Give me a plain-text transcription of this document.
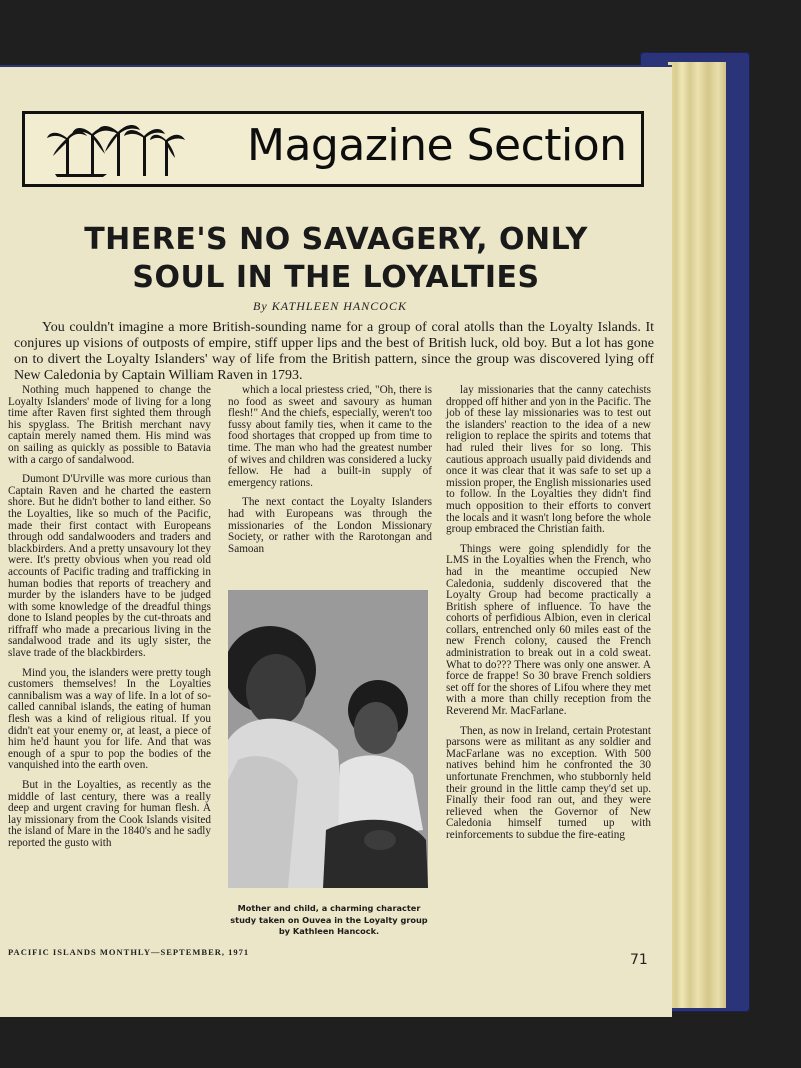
Magazine Section
THERE'S NO SAVAGERY, ONLY
SOUL IN THE LOYALTIES
By KATHLEEN HANCOCK
You couldn't imagine a more British-sounding name for a group of coral atolls than the Loyalty Islands. It conjures up visions of outposts of empire, stiff upper lips and the best of British luck, old boy. But a lot has gone on to divert the Loyalty Islanders' way of life from the British pattern, since the group was discovered lying off New Caledonia by Captain William Raven in 1793.

Nothing much happened to change the Loyalty Islanders' mode of living for a long time after Raven first sighted them through his spyglass. The British merchant navy captain merely named them. His mind was on sailing as quickly as possible to Batavia with a cargo of sandalwood.

Dumont D'Urville was more curious than Captain Raven and he charted the eastern shore. But he didn't bother to land either. So the Loyalties, like so much of the Pacific, made their first contact with Europeans through odd sandalwooders and traders and blackbirders. And a pretty unsavoury lot they were. It's pretty obvious when you read old accounts of Pacific trading and trafficking in human bodies that reports of treachery and murder by the islanders have to be judged with some knowledge of the dreadful things done to Island peoples by the cut-throats and riffraff who made a precarious living in the sandalwood trade and its ugly sister, the slave trade of the blackbirders.

Mind you, the islanders were pretty tough customers themselves! In the Loyalties cannibalism was a way of life. In a lot of so-called cannibal islands, the eating of human flesh was a kind of religious ritual. If you didn't eat your enemy or, at least, a piece of him he'd haunt you for life. And that was enough of a spur to pop the bodies of the vanquished into the earth oven.

But in the Loyalties, as recently as the middle of last century, there was a really deep and urgent craving for human flesh. A lay missionary from the Cook Islands visited the island of Mare in the 1840's and he sadly reported the gusto with

which a local priestess cried, "Oh, there is no food as sweet and savoury as human flesh!" And the chiefs, especially, weren't too fussy about family ties, when it came to the food shortages that cropped up from time to time. The man who had the greatest number of wives and children was considered a lucky fellow. He had a built-in supply of emergency rations.

The next contact the Loyalty Islanders had with Europeans was through the missionaries of the London Missionary Society, or rather with the Rarotongan and Samoan

Mother and child, a charming character study taken on Ouvea in the Loyalty group by Kathleen Hancock.

lay missionaries that the canny catechists dropped off hither and yon in the Pacific. The job of these lay missionaries was to test out the islanders' reaction to the idea of a new religion to replace the spirits and totems that had ruled their lives for so long. This cautious approach usually paid dividends and once it was clear that it was safe to set up a mission proper, the English missionaries used to follow. In the Loyalties they didn't find much opposition to their efforts to convert the locals and it wasn't long before the whole group embraced the Christian faith.

Things were going splendidly for the LMS in the Loyalties when the French, who had in the meantime occupied New Caledonia, suddenly discovered that the Loyalty Group had become practically a British sphere of influence. To have the cohorts of perfidious Albion, even in clerical collars, entrenched only 60 miles east of the new French colony, caused the French administration to break out in a cold sweat. What to do??? There was only one answer. A force de frappe! So 30 brave French soldiers set off for the shores of Lifou where they met with a more than chilly reception from the Reverend Mr. MacFarlane.

Then, as now in Ireland, certain Protestant parsons were as militant as any soldier and MacFarlane was no exception. With 500 natives behind him he confronted the 30 unfortunate Frenchmen, who stubbornly held their ground in the little camp they'd set up. Finally their food ran out, and they were relieved when the Governor of New Caledonia himself turned up with reinforcements to subdue the fire-eating

PACIFIC ISLANDS MONTHLY—SEPTEMBER, 1971	71
